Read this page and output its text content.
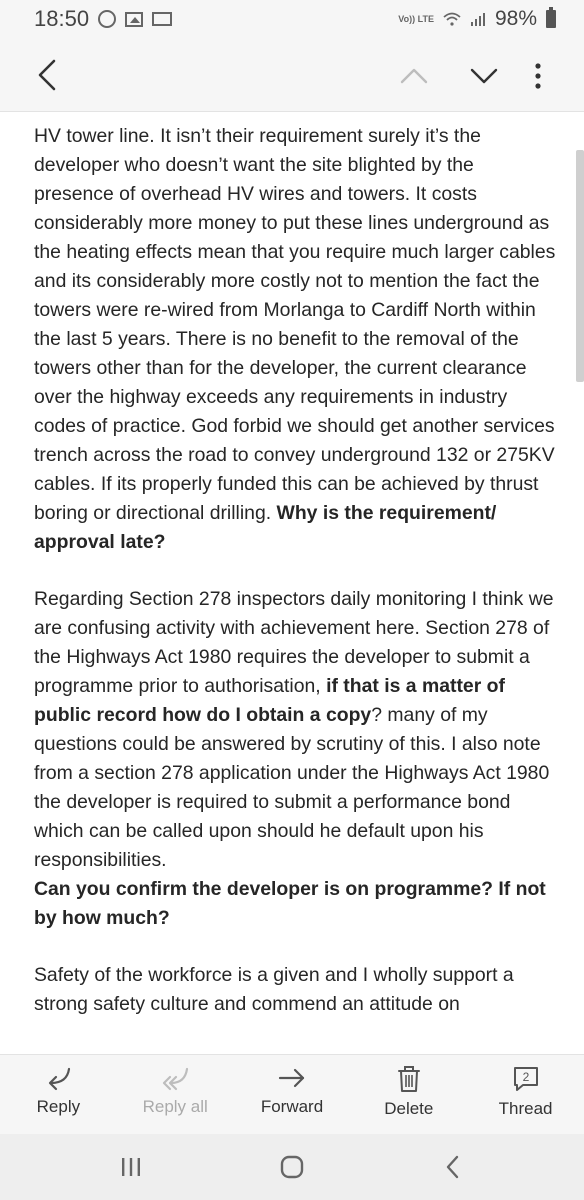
18:50	Vo)) LTE	98%

HV tower line. It isn’t their requirement surely it’s the developer who doesn’t want the site blighted by the presence of overhead HV wires and towers. It costs considerably more money to put these lines underground as the heating effects mean that you require much larger cables and its considerably more costly not to mention the fact the towers were re-wired from Morlanga to Cardiff North within the last 5 years. There is no benefit to the removal of the towers other than for the developer, the current clearance over the highway exceeds any requirements in industry codes of practice. God forbid we should get another services trench across the road to convey underground 132 or 275KV cables. If its properly funded this can be achieved by thrust boring or directional drilling. Why is the requirement/ approval late?

Regarding Section 278 inspectors daily monitoring I think we are confusing activity with achievement here. Section 278 of the Highways Act 1980 requires the developer to submit a programme prior to authorisation, if that is a matter of public record how do I obtain a copy? many of my questions could be answered by scrutiny of this. I also note from a section 278 application under the Highways Act 1980 the developer is required to submit a performance bond which can be called upon should he default upon his responsibilities.

Can you confirm the developer is on programme? If not by how much?

Safety of the workforce is a given and I wholly support a strong safety culture and commend an attitude on

Reply	Reply all	Forward	Delete
2
Thread
